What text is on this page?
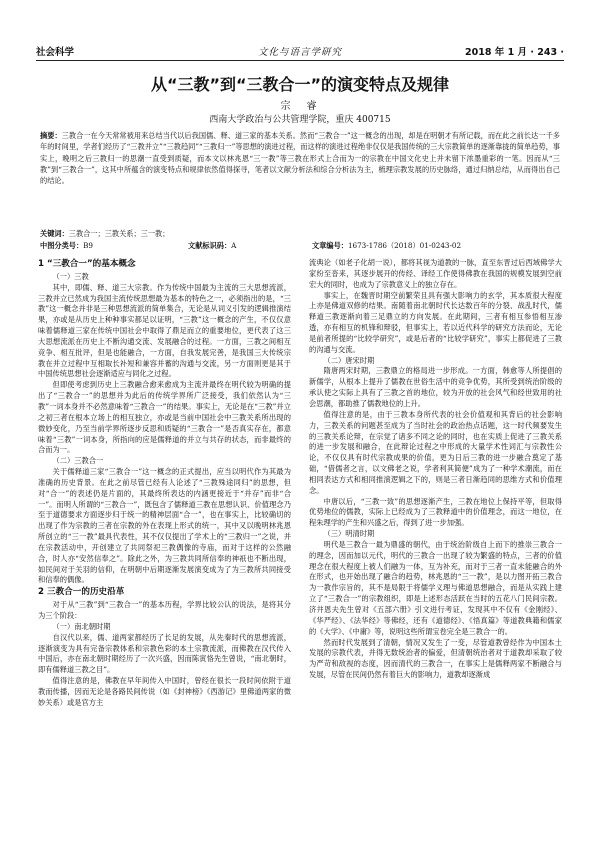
社会科学	文化与语言学研究	2018 年 1 月 · 243 ·
从“三教”到“三教合一”的演变特点及规律
宗　睿
西南大学政治与公共管理学院，重庆 400715
摘要：三教合一在今天常常被用来总结当代以后我国儒、释、道三家的基本关系。然而“三教合一”这一概念的出现，却是在明朝才有所记载，而在此之前长达一千多年的时间里，学者们经历了“三教并立”“三教趋同”“三教归一”等思想的演进过程，而这样的演进过程绝非仅仅是我国传统的三大宗教简单的逐渐靠拢的简单趋势，事实上，晚明之后三教归一的思潮一直受到质疑，而本文以林兆恩“三一教”等三教在形式上合而为一的宗教在中国文化史上并未留下浓墨重彩的一笔。因而从“三教”到“三教合一”，这其中所蕴含的演变特点和规律依然值得探寻，笔者以文献分析法和综合分析法为主，梳理宗教发展的历史脉络，通过归纳总结，从而得出自己的结论。
关键词：三教合一；三教关系；三一教；
中图分类号： B9	文献标识码： A	文章编号： 1673-1786（2018）01-0243-02
1 “三教合一”的基本概念
（一）三教

其中，即儒、释、道三大宗教。作为传统中国最为主流的三大思想流派，三教并立已然成为我国主流传统思想最为基本的特色之一，必须指出的是，“三教”这一概念并非是三种思想流派的简单集合，无论是从词义引发的逻辑推演结果，亦或是从历史上种种事实都足以证明，“三教”这一概念的产生，不仅仅意味着儒释道三家在传统中国社会中取得了鼎足而立的重要地位，更代表了这三大思想流派在历史上不断沟通交流、发展融合的过程。一方面，三教之间相互竞争、相互批评，但是也能融合，一方面，自我发展完善，是我国三大传统宗教在并立过程中互相取长补短和兼容并蓄的沟通与交流，另一方面则更是其于中国传统思想社会逐渐适应与同化之过程。

但即使考虑到历史上三教融合愈来愈成为主流并最终在明代较为明确的提出了“三教合一”的思想并为此后的传统学界所广泛接受，我们依然认为“三教”一词本身并不必然意味着“三教合一”的结果。事实上，无论是在“三教”并立之初三者在根本立场上的相互独立，亦或是当前中国社会中三教关系所出现的微妙变化，乃至当前学界所逐步反思和质疑的“三教合一”是否真实存在，都意味着“三教”一词本身，所指向的应是儒释道的并立与共存的状态，而非最终的合而为一。

（二）三教合一

关于儒释道三家“三教合一”这一概念的正式提出，应当以明代作为其最为准确的历史背景。在此之前尽管已经有人论述了“三教殊途同归”的思想，但对“合一”的表述仍是片面的，其最终所表达的内涵更接近于“并存”而非“合一”。而明人所谓的“三教合一”，既包含了儒释道三教在思想认识、价值理念乃至于道德要求方面逐步归于统一的精神层面“合一”，也在事实上，比较确切的出现了作为宗教的三者在宗教的外在表现上形式的统一，其中又以晚明林兆恩所创立的“三一教”最具代表性，其不仅仅提出了学术上的“三教归一”之说，并在宗教活动中，开创建立了共同祭祀三教偶像的寺庙，而对于这样的公然融合，时人亦“安然信奉之”。除此之外，为三教共同所信奉的神祇也不断出现，如民间对于关羽的信仰，在明朝中后期逐渐发展演变成为了为三教所共同接受和信奉的偶像。

2 三教合一的历史沿革

对于从“三教”到“三教合一”的基本历程，学界比较公认的说法，是将其分为三个阶段：

（一）南北朝时期

自汉代以来，儒、道两家都经历了长足的发展，从先秦时代的思想流派，逐渐演变为具有完备宗教体系和宗教色彩的本土宗教流派，而佛教在汉代传入中国后，亦在南北朝时期经历了一次兴盛，因而陈寅恪先生曾说，“南北朝时，即有儒释道三教之目”。

值得注意的是，佛教在早年间传入中国时，曾经在很长一段时间依附于道教而传播，因而无论是各路民间传说（如《封神榜》《西游记》里佛道两家的微妙关系）或是官方主

流典论（如老子化胡一说），都将其视为道教的一脉，直至东晋过后西域佛学大家纷至沓来，其逐步展开的传经、译经工作使得佛教在我国的规模发展到空前宏大的同时，也成为了宗教意义上的独立存在。

事实上，在魏晋时期空前繁荣且具有强大影响力的玄学，其本质很大程度上亦是佛道双修的结果。南随着南北朝时代长达数百年的分裂、战乱时代，儒释道三教逐渐向着三足鼎立的方向发展。在此期间，三者有相互参悟相互渗透，亦有相互的机锋和辩驳，但事实上，若以近代科学的研究方法而论，无论是前者所提的“比较学研究”，或是后者的“比较学研究”，事实上都促进了三教的沟通与交流。

（二）唐宋时期

隋唐两宋时期，三教鼎立的格局进一步形成。一方面，韩愈等人所提倡的新儒学，从根本上提升了儒教在世俗生活中的竞争优势，其所受到统治阶级的承认使之实际上具有了三教之首的地位，较为开放的社会风气和经世致用的社会思潮，都助推了儒教地位的上升。

值得注意的是，由于三教本身所代表的社会价值观和其背后的社会影响力，三教关系的问题甚至成为了当时社会的政治热点话题，这一时代频要发生的三教关系论辩，在宗觉了诸多不同之论的同时，也在实质上促进了三教关系的进一步发展和融合，在此辩论过程之中形成的大量学术性词汇与宗教性公论，不仅仅具有时代宗教成果的价值，更为日后三教的进一步融合奠定了基础，“借儒者之言，以文佛老之说，学者利其简便”成为了一种学术潮流，而在相同表达方式和相同推演逻辑之下的，则是三者日渐趋同的思维方式和价值理念。

中唐以后，“三教一致”的思想逐渐产生，三教在地位上保持平等，但取得优势地位的儒教，实际上已经成为了三教释道中的价值理念，而这一地位，在程朱理学的产生和兴盛之后，得到了进一步加强。

（三）明清时期

明代是三教合一最为鼎盛的朝代，由于统治阶级自上而下的推崇三教合一的理念，因而加以元代，明代的三教合一出现了较为繁盛的特点，三者的价值理念在很大程度上被人们融为一体，互为补充，而对于三者一直未能融合的外在形式，也开始出现了融合的趋势，林兆恩的“三一教”，是以力图开拓三教合为一教作宗旨的，其不是局限于将儒学义理与佛道思想融合，而是从实践上建立了“三教合一”的宗教组织，即是上述形态活跃在当时的五花八门民间宗教。济井恩夫先生曾对《五部六册》引文进行考证，发现其中不仅有《金刚经》、《华严经》、《法华经》等佛经，还有《道德经》、《悟真篇》等道教典籍和儒家的《大学》、《中庸》等，说明这些所谓宝卷完全是三教合一的。

然而时代发展到了清朝，情况又发生了一变，尽管道教曾经作为中国本土发展的宗教代表，并得无数统治者的偏爱，但清朝统治者对于道教却采取了较为严苛和敌视的态度，因而清代的三教合一，在事实上是儒释两家不断融合与发展，尽管在民间仍然有着巨大的影响力，道教却逐渐成
